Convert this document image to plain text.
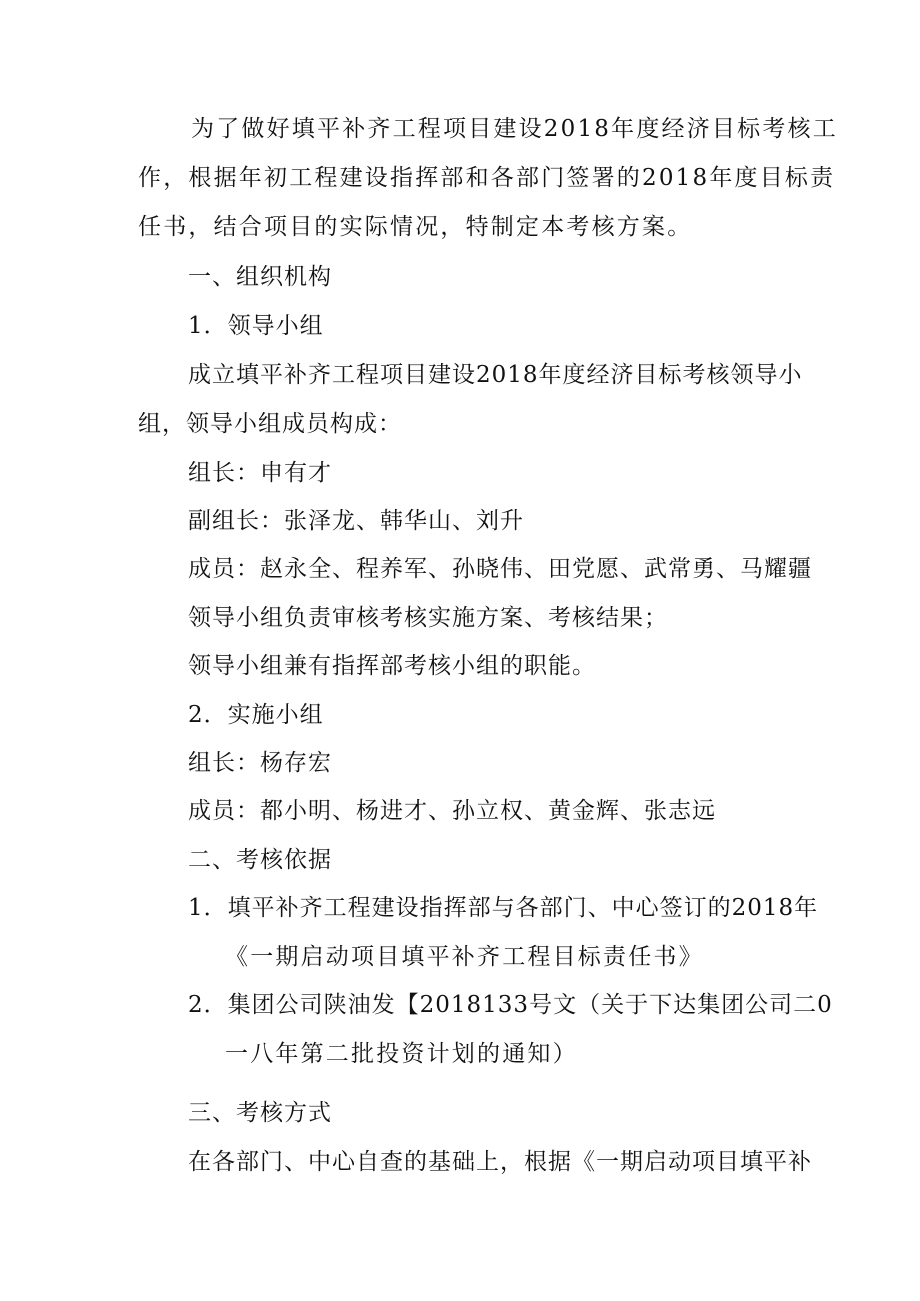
为了做好填平补齐工程项目建设2018年度经济目标考核工
作，根据年初工程建设指挥部和各部门签署的2018年度目标责
任书，结合项目的实际情况，特制定本考核方案。
一、组织机构
1．领导小组
成立填平补齐工程项目建设2018年度经济目标考核领导小
组，领导小组成员构成：
组长：申有才
副组长：张泽龙、韩华山、刘升
成员：赵永全、程养军、孙晓伟、田党愿、武常勇、马耀疆
领导小组负责审核考核实施方案、考核结果；
领导小组兼有指挥部考核小组的职能。
2．实施小组
组长：杨存宏
成员：都小明、杨进才、孙立权、黄金辉、张志远
二、考核依据
1．填平补齐工程建设指挥部与各部门、中心签订的2018年
《一期启动项目填平补齐工程目标责任书》
2．集团公司陕油发【2018133号文（关于下达集团公司二0
一八年第二批投资计划的通知）
三、考核方式
在各部门、中心自查的基础上，根据《一期启动项目填平补
